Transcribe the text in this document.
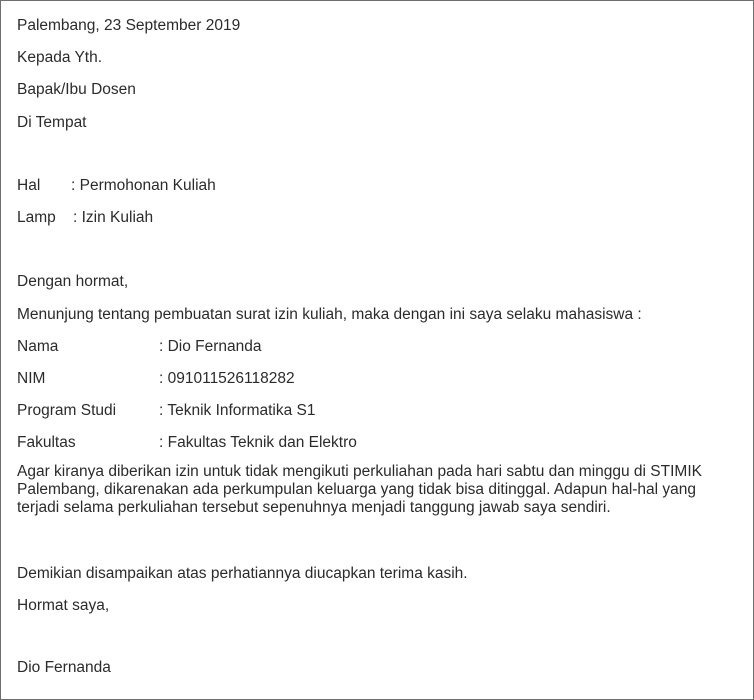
Palembang, 23 September 2019
Kepada Yth.
Bapak/Ibu Dosen
Di Tempat
Hal : Permohonan Kuliah
Lamp : Izin Kuliah
Dengan hormat,
Menunjung tentang pembuatan surat izin kuliah, maka dengan ini saya selaku mahasiswa :
Nama	: Dio Fernanda
NIM	: 091011526118282
Program Studi	: Teknik Informatika S1
Fakultas	: Fakultas Teknik dan Elektro
Agar kiranya diberikan izin untuk tidak mengikuti perkuliahan pada hari sabtu dan minggu di STIMIK Palembang, dikarenakan ada perkumpulan keluarga yang tidak bisa ditinggal. Adapun hal-hal yang terjadi selama perkuliahan tersebut sepenuhnya menjadi tanggung jawab saya sendiri.
Demikian disampaikan atas perhatiannya diucapkan terima kasih.
Hormat saya,
Dio Fernanda
